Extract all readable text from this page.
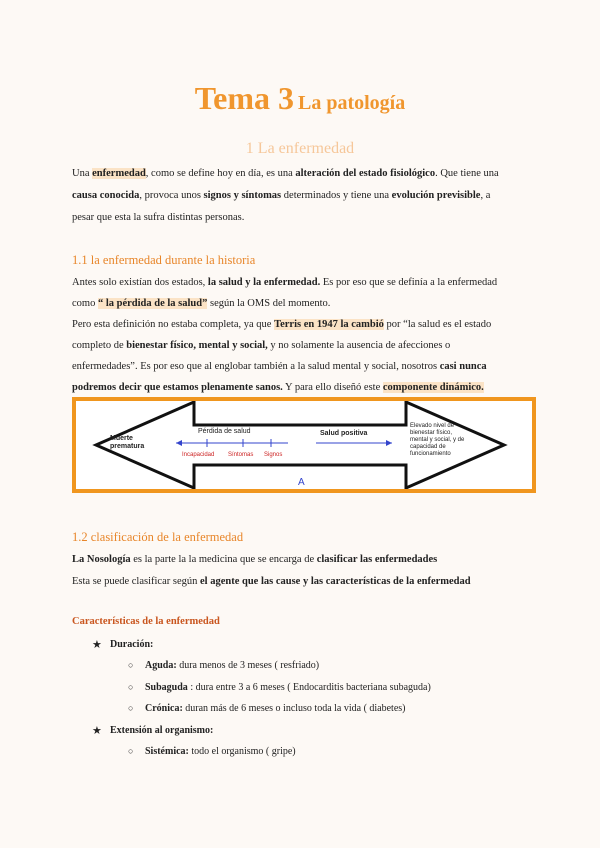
Tema 3 La patología
1 La enfermedad

Una enfermedad, como se define hoy en día, es una alteración del estado fisiológico. Que tiene una

causa conocida, provoca unos signos y síntomas determinados y tiene una evolución previsible, a

pesar que esta la sufra distintas personas.

1.1 la enfermedad durante la historia

Antes solo existían dos estados, la salud y la enfermedad. Es por eso que se definía a la enfermedad

como “ la pérdida de la salud” según la OMS del momento.

Pero esta definición no estaba completa, ya que Terris en 1947 la cambió por “la salud es el estado

completo de bienestar físico, mental y social, y no solamente la ausencia de afecciones o

enfermedades”. Es por eso que al englobar también a la salud mental y social, nosotros casi nunca

podremos decir que estamos plenamente sanos. Y para ello diseñó este componente dinámico.

Muerte
prematura
Pérdida de salud	Salud positiva
Incapacidad Síntomas Signos
Elevado nivel de
bienestar físico,
mental y social, y de
capacidad de
funcionamiento
A
1.2 clasificación de la enfermedad

La Nosología es la parte la la medicina que se encarga de clasificar las enfermedades

Esta se puede clasificar según el agente que las cause y las características de la enfermedad

Características de la enfermedad
★ Duración:
○ Aguda: dura menos de 3 meses ( resfriado)
○ Subaguda : dura entre 3 a 6 meses ( Endocarditis bacteriana subaguda)
○ Crónica: duran más de 6 meses o incluso toda la vida ( diabetes)
★ Extensión al organismo:
○ Sistémica: todo el organismo ( gripe)
